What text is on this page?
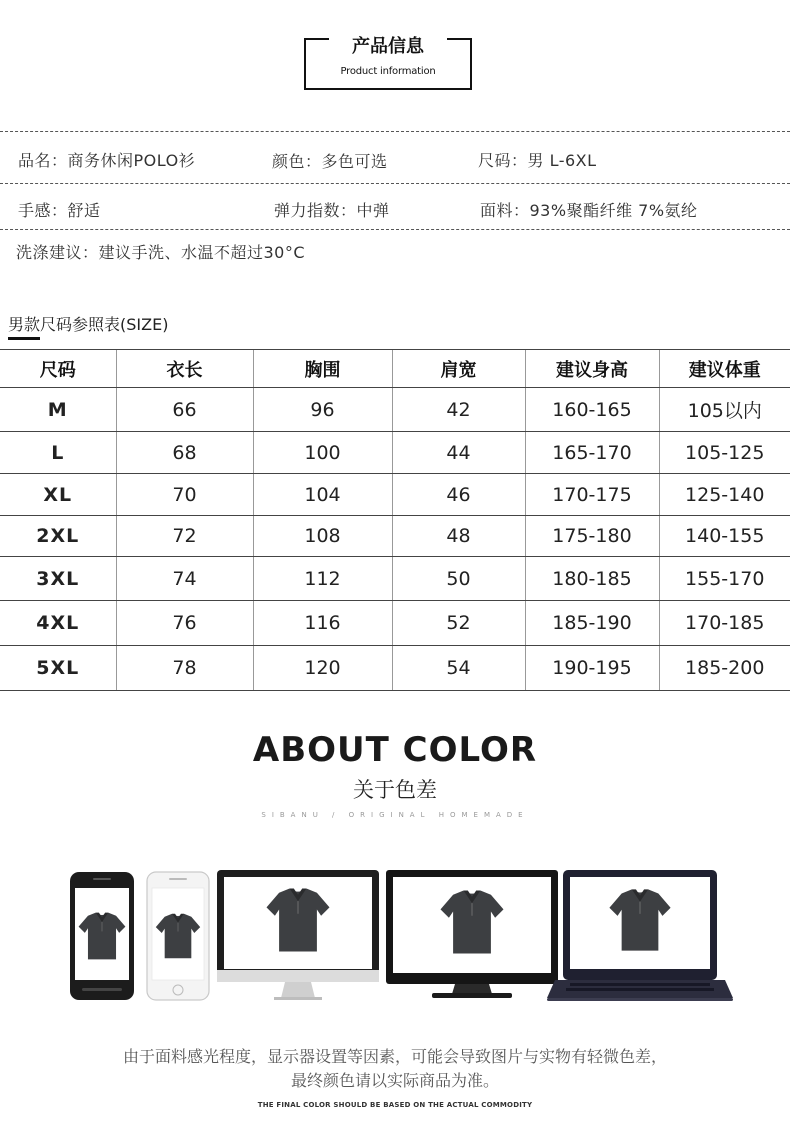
产品信息
Product information
品名：商务休闲POLO衫	颜色：多色可选	尺码：男 L-6XL
手感：舒适	弹力指数：中弹	面料：93%聚酯纤维 7%氨纶
洗涤建议：建议手洗、水温不超过30°C
男款尺码参照表(SIZE)
尺码	衣长	胸围	肩宽	建议身高	建议体重
M	66	96	42	160-165	105以内
L	68	100	44	165-170	105-125
XL	70	104	46	170-175	125-140
2XL	72	108	48	175-180	140-155
3XL	74	112	50	180-185	155-170
4XL	76	116	52	185-190	170-185
5XL	78	120	54	190-195	185-200
ABOUT COLOR
关于色差
SIBANU / ORIGINAL HOMEMADE
由于面料感光程度，显示器设置等因素，可能会导致图片与实物有轻微色差，
最终颜色请以实际商品为准。
THE FINAL COLOR SHOULD BE BASED ON THE ACTUAL COMMODITY
